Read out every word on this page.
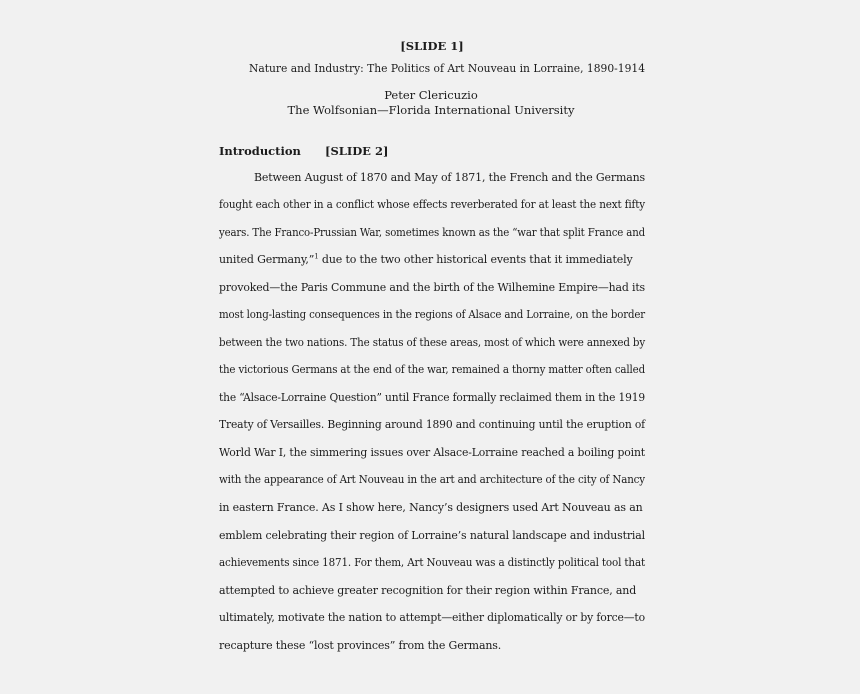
[SLIDE 1]
Nature and Industry: The Politics of Art Nouveau in Lorraine, 1890-1914
Peter Clericuzio
The Wolfsonian—Florida International University
Introduction [SLIDE 2]
Between August of 1870 and May of 1871, the French and the Germans
fought each other in a conflict whose effects reverberated for at least the next fifty
years. The Franco-Prussian War, sometimes known as the “war that split France and
united Germany,”$^1$ due to the two other historical events that it immediately
provoked—the Paris Commune and the birth of the Wilhemine Empire—had its
most long-lasting consequences in the regions of Alsace and Lorraine, on the border
between the two nations. The status of these areas, most of which were annexed by
the victorious Germans at the end of the war, remained a thorny matter often called
the “Alsace-Lorraine Question” until France formally reclaimed them in the 1919
Treaty of Versailles. Beginning around 1890 and continuing until the eruption of
World War I, the simmering issues over Alsace-Lorraine reached a boiling point
with the appearance of Art Nouveau in the art and architecture of the city of Nancy
in eastern France. As I show here, Nancy’s designers used Art Nouveau as an
emblem celebrating their region of Lorraine’s natural landscape and industrial
achievements since 1871. For them, Art Nouveau was a distinctly political tool that
attempted to achieve greater recognition for their region within France, and
ultimately, motivate the nation to attempt—either diplomatically or by force—to
recapture these “lost provinces” from the Germans.
